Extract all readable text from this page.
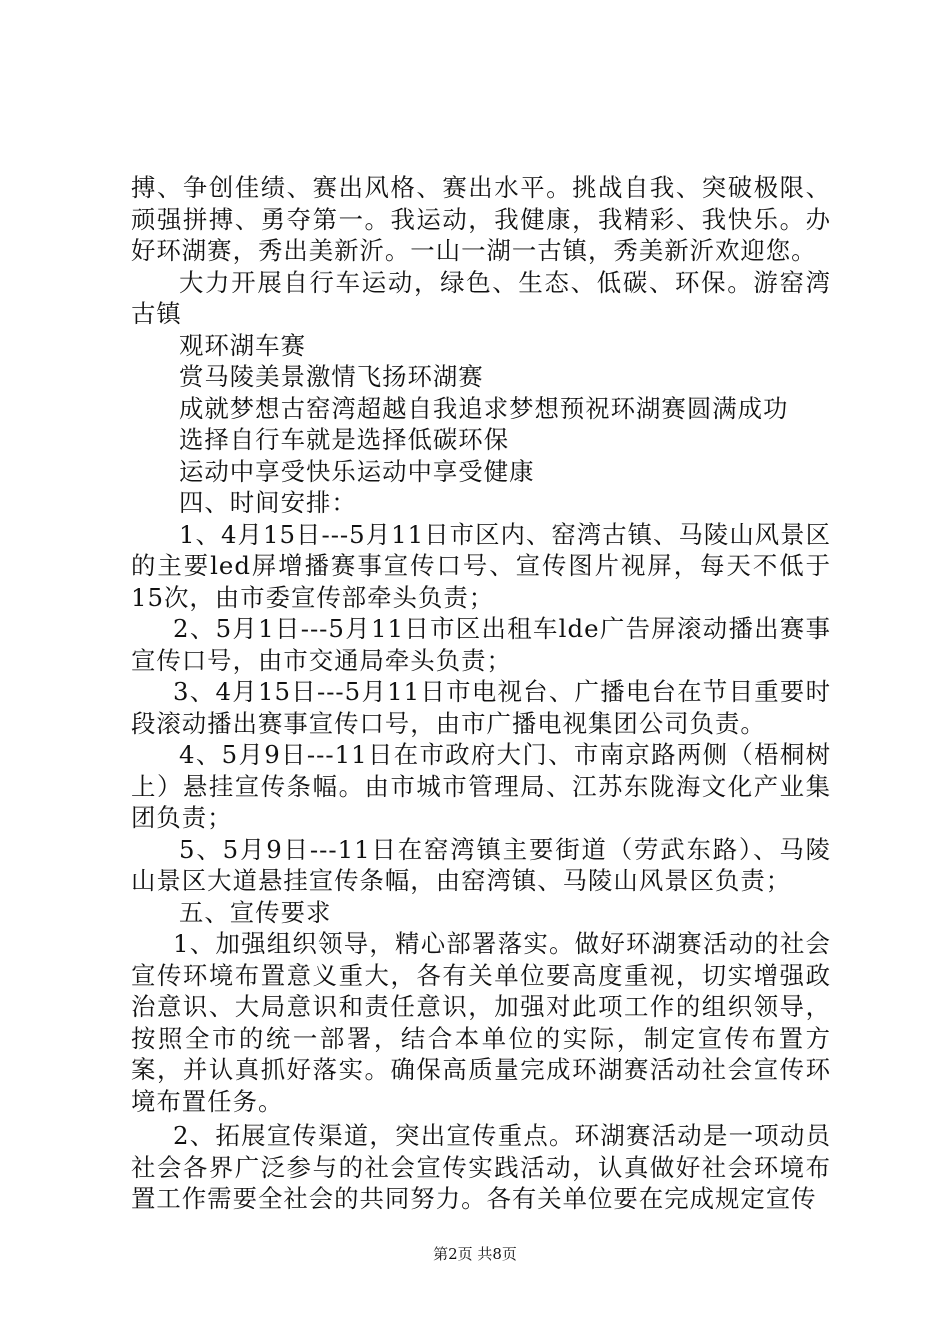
搏、争创佳绩、赛出风格、赛出水平。挑战自我、突破极限、顽强拼搏、勇夺第一。我运动，我健康，我精彩、我快乐。办好环湖赛，秀出美新沂。一山一湖一古镇，秀美新沂欢迎您。

大力开展自行车运动，绿色、生态、低碳、环保。游窑湾古镇

观环湖车赛

赏马陵美景激情飞扬环湖赛

成就梦想古窑湾超越自我追求梦想预祝环湖赛圆满成功

选择自行车就是选择低碳环保

运动中享受快乐运动中享受健康

四、时间安排：

1、4月15日---5月11日市区内、窑湾古镇、马陵山风景区的主要led屏增播赛事宣传口号、宣传图片视屏，每天不低于15次，由市委宣传部牵头负责；

2、5月1日---5月11日市区出租车lde广告屏滚动播出赛事宣传口号，由市交通局牵头负责；

3、4月15日---5月11日市电视台、广播电台在节目重要时段滚动播出赛事宣传口号，由市广播电视集团公司负责。

4、5月9日---11日在市政府大门、市南京路两侧（梧桐树上）悬挂宣传条幅。由市城市管理局、江苏东陇海文化产业集团负责；

5、5月9日---11日在窑湾镇主要街道（劳武东路）、马陵山景区大道悬挂宣传条幅，由窑湾镇、马陵山风景区负责；

五、宣传要求

1、加强组织领导，精心部署落实。做好环湖赛活动的社会宣传环境布置意义重大，各有关单位要高度重视，切实增强政治意识、大局意识和责任意识，加强对此项工作的组织领导，按照全市的统一部署，结合本单位的实际，制定宣传布置方案，并认真抓好落实。确保高质量完成环湖赛活动社会宣传环境布置任务。

2、拓展宣传渠道，突出宣传重点。环湖赛活动是一项动员社会各界广泛参与的社会宣传实践活动，认真做好社会环境布置工作需要全社会的共同努力。各有关单位要在完成规定宣传

第2页 共8页
